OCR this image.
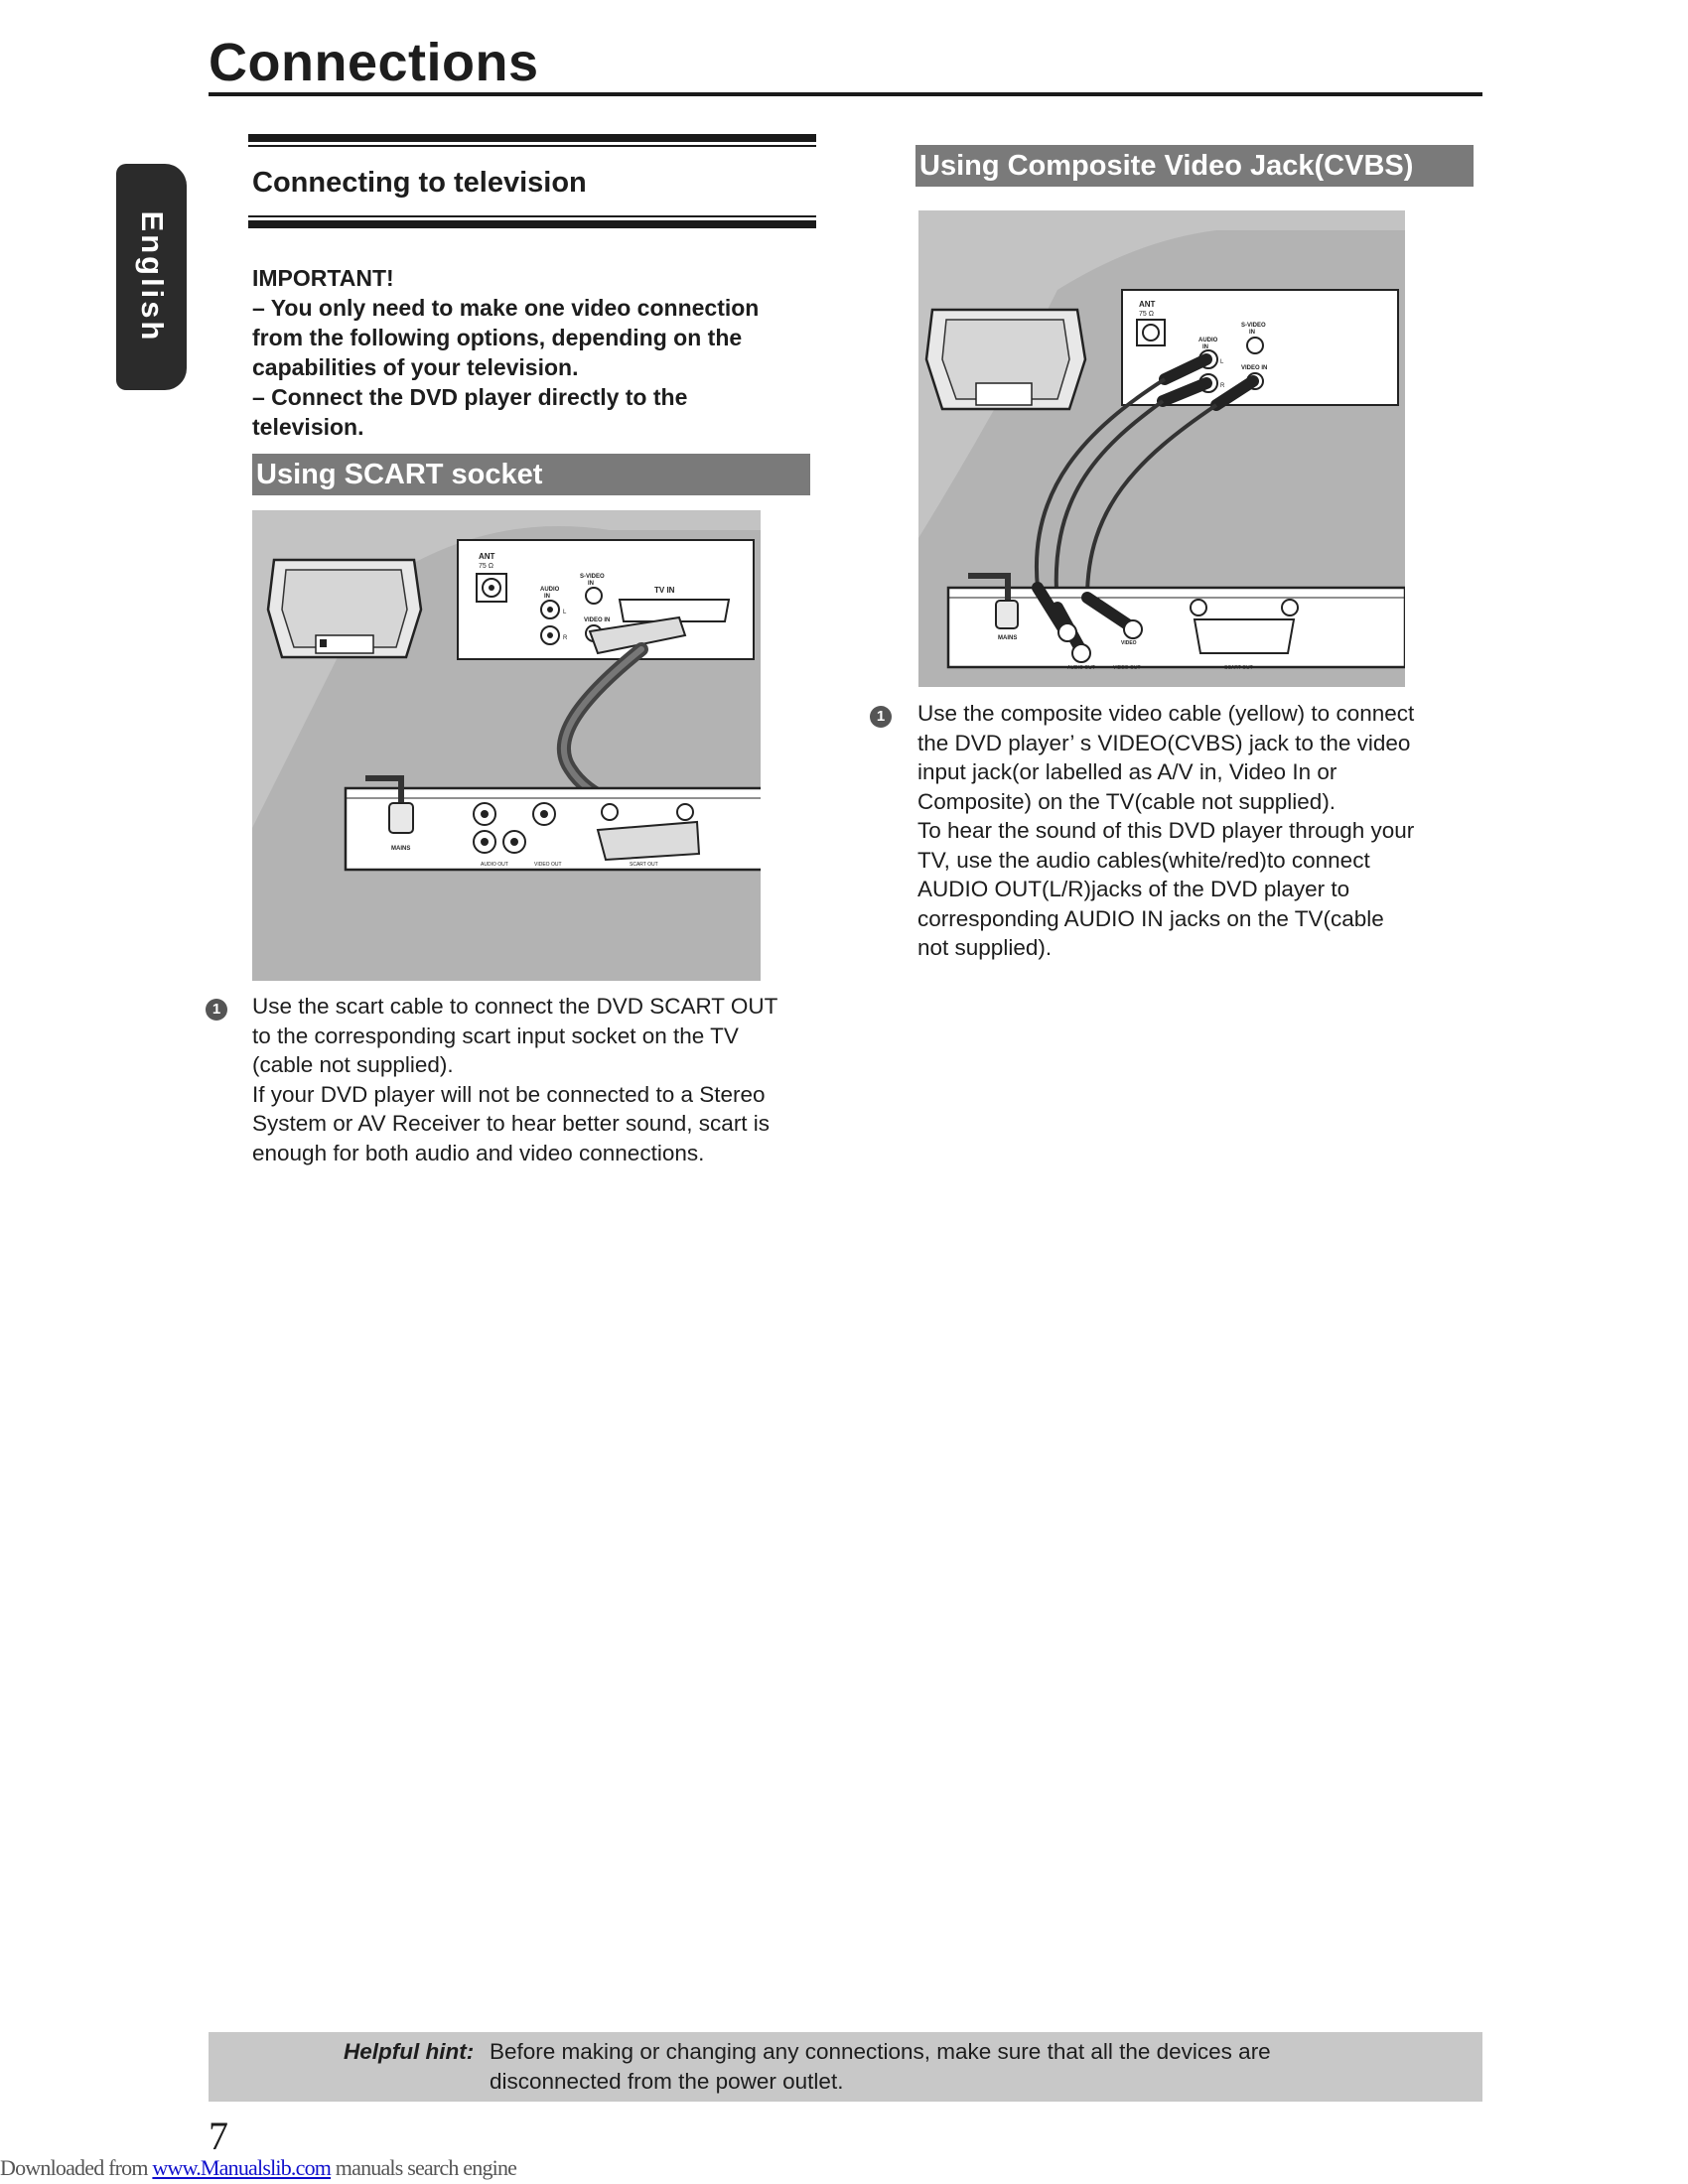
Connections
English
Connecting to television
IMPORTANT!
– You only need to make one video connection
from the following options, depending on the
capabilities of your television.
– Connect the DVD player directly to the
television.
Using SCART socket
ANT
75 Ω
S-VIDEO
IN
AUDIO
IN
L
R
VIDEO IN
TV IN
MAINS
AUDIO OUT	VIDEO OUT	SCART OUT
1	Use the scart cable to connect the DVD SCART OUT
to the corresponding scart input socket on the TV
(cable not supplied).
If your DVD player will not be connected to a Stereo
System or AV Receiver to hear better sound, scart is
enough for both audio and video connections.
Using Composite Video Jack(CVBS)
ANT
75 Ω
S-VIDEO
IN
AUDIO
IN
L
R
VIDEO IN
MAINS
VIDEO
AUDIO OUT	VIDEO OUT	SCART OUT
1	Use the composite video cable (yellow) to connect
the DVD player’ s VIDEO(CVBS) jack to the video
input jack(or labelled as A/V in, Video In or
Composite) on the TV(cable not supplied).
To hear the sound of this DVD player through your
TV, use the audio cables(white/red)to connect
AUDIO OUT(L/R)jacks of the DVD player to
corresponding AUDIO IN jacks on the TV(cable
not supplied).
Helpful hint: Before making or changing any connections, make sure that all the devices are
disconnected from the power outlet.
7
Downloaded from www.Manualslib.com manuals search engine
